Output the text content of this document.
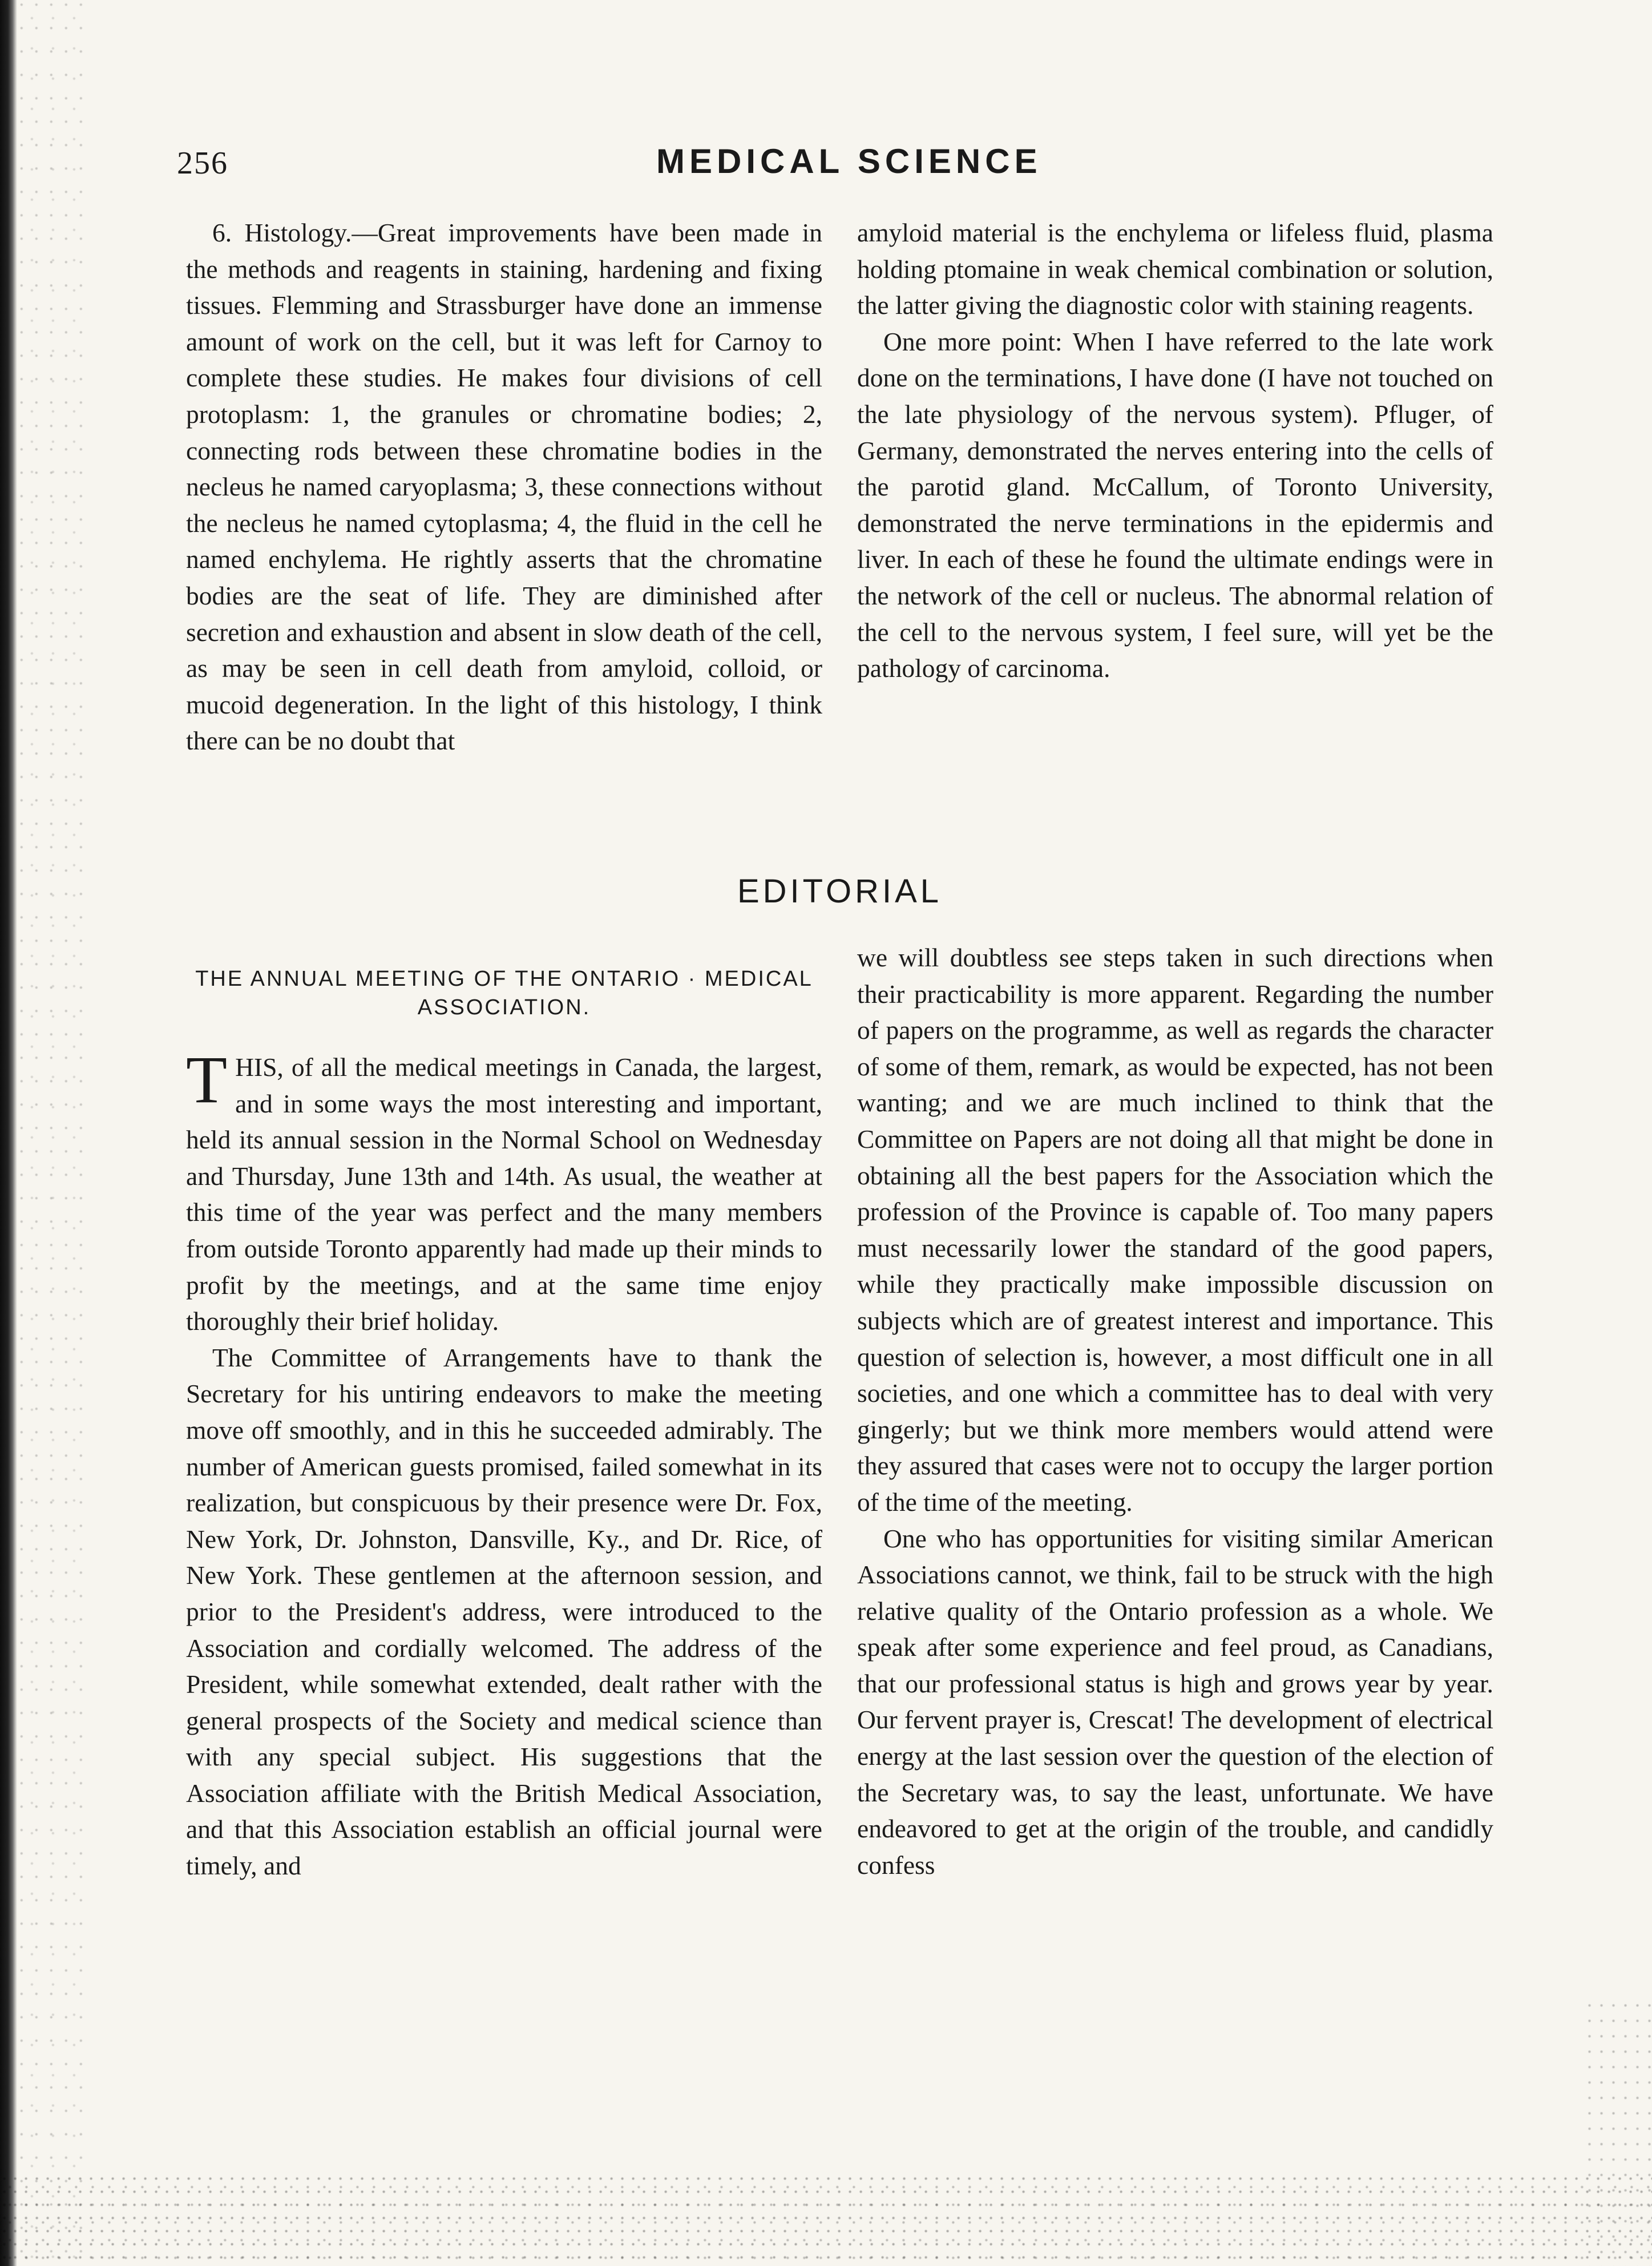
256	MEDICAL SCIENCE

6. Histology.—Great improvements have been made in the methods and reagents in staining, hardening and fixing tissues. Flemming and Strassburger have done an immense amount of work on the cell, but it was left for Carnoy to complete these studies. He makes four divisions of cell protoplasm: 1, the granules or chromatine bodies; 2, connecting rods between these chromatine bodies in the necleus he named caryoplasma; 3, these connections without the necleus he named cytoplasma; 4, the fluid in the cell he named enchylema. He rightly asserts that the chromatine bodies are the seat of life. They are diminished after secretion and exhaustion and absent in slow death of the cell, as may be seen in cell death from amyloid, colloid, or mucoid degeneration. In the light of this histology, I think there can be no doubt that

amyloid material is the enchylema or lifeless fluid, plasma holding ptomaine in weak chemical combination or solution, the latter giving the diagnostic color with staining reagents.

One more point: When I have referred to the late work done on the terminations, I have done (I have not touched on the late physiology of the nervous system). Pfluger, of Germany, demonstrated the nerves entering into the cells of the parotid gland. McCallum, of Toronto University, demonstrated the nerve terminations in the epidermis and liver. In each of these he found the ultimate endings were in the network of the cell or nucleus. The abnormal relation of the cell to the nervous system, I feel sure, will yet be the pathology of carcinoma.

EDITORIAL
THE ANNUAL MEETING OF THE ONTARIO · MEDICAL ASSOCIATION.

T HIS, of all the medical meetings in Canada, the largest, and in some ways the most interesting and important, held its annual session in the Normal School on Wednesday and Thursday, June 13th and 14th. As usual, the weather at this time of the year was perfect and the many members from outside Toronto apparently had made up their minds to profit by the meetings, and at the same time enjoy thoroughly their brief holiday.

The Committee of Arrangements have to thank the Secretary for his untiring endeavors to make the meeting move off smoothly, and in this he succeeded admirably. The number of American guests promised, failed somewhat in its realization, but conspicuous by their presence were Dr. Fox, New York, Dr. Johnston, Dansville, Ky., and Dr. Rice, of New York. These gentlemen at the afternoon session, and prior to the President's address, were introduced to the Association and cordially welcomed. The address of the President, while somewhat extended, dealt rather with the general prospects of the Society and medical science than with any special subject. His suggestions that the Association affiliate with the British Medical Association, and that this Association establish an official journal were timely, and

we will doubtless see steps taken in such directions when their practicability is more apparent. Regarding the number of papers on the programme, as well as regards the character of some of them, remark, as would be expected, has not been wanting; and we are much inclined to think that the Committee on Papers are not doing all that might be done in obtaining all the best papers for the Association which the profession of the Province is capable of. Too many papers must necessarily lower the standard of the good papers, while they practically make impossible discussion on subjects which are of greatest interest and importance. This question of selection is, however, a most difficult one in all societies, and one which a committee has to deal with very gingerly; but we think more members would attend were they assured that cases were not to occupy the larger portion of the time of the meeting.

One who has opportunities for visiting similar American Associations cannot, we think, fail to be struck with the high relative quality of the Ontario profession as a whole. We speak after some experience and feel proud, as Canadians, that our professional status is high and grows year by year. Our fervent prayer is, Crescat! The development of electrical energy at the last session over the question of the election of the Secretary was, to say the least, unfortunate. We have endeavored to get at the origin of the trouble, and candidly confess
